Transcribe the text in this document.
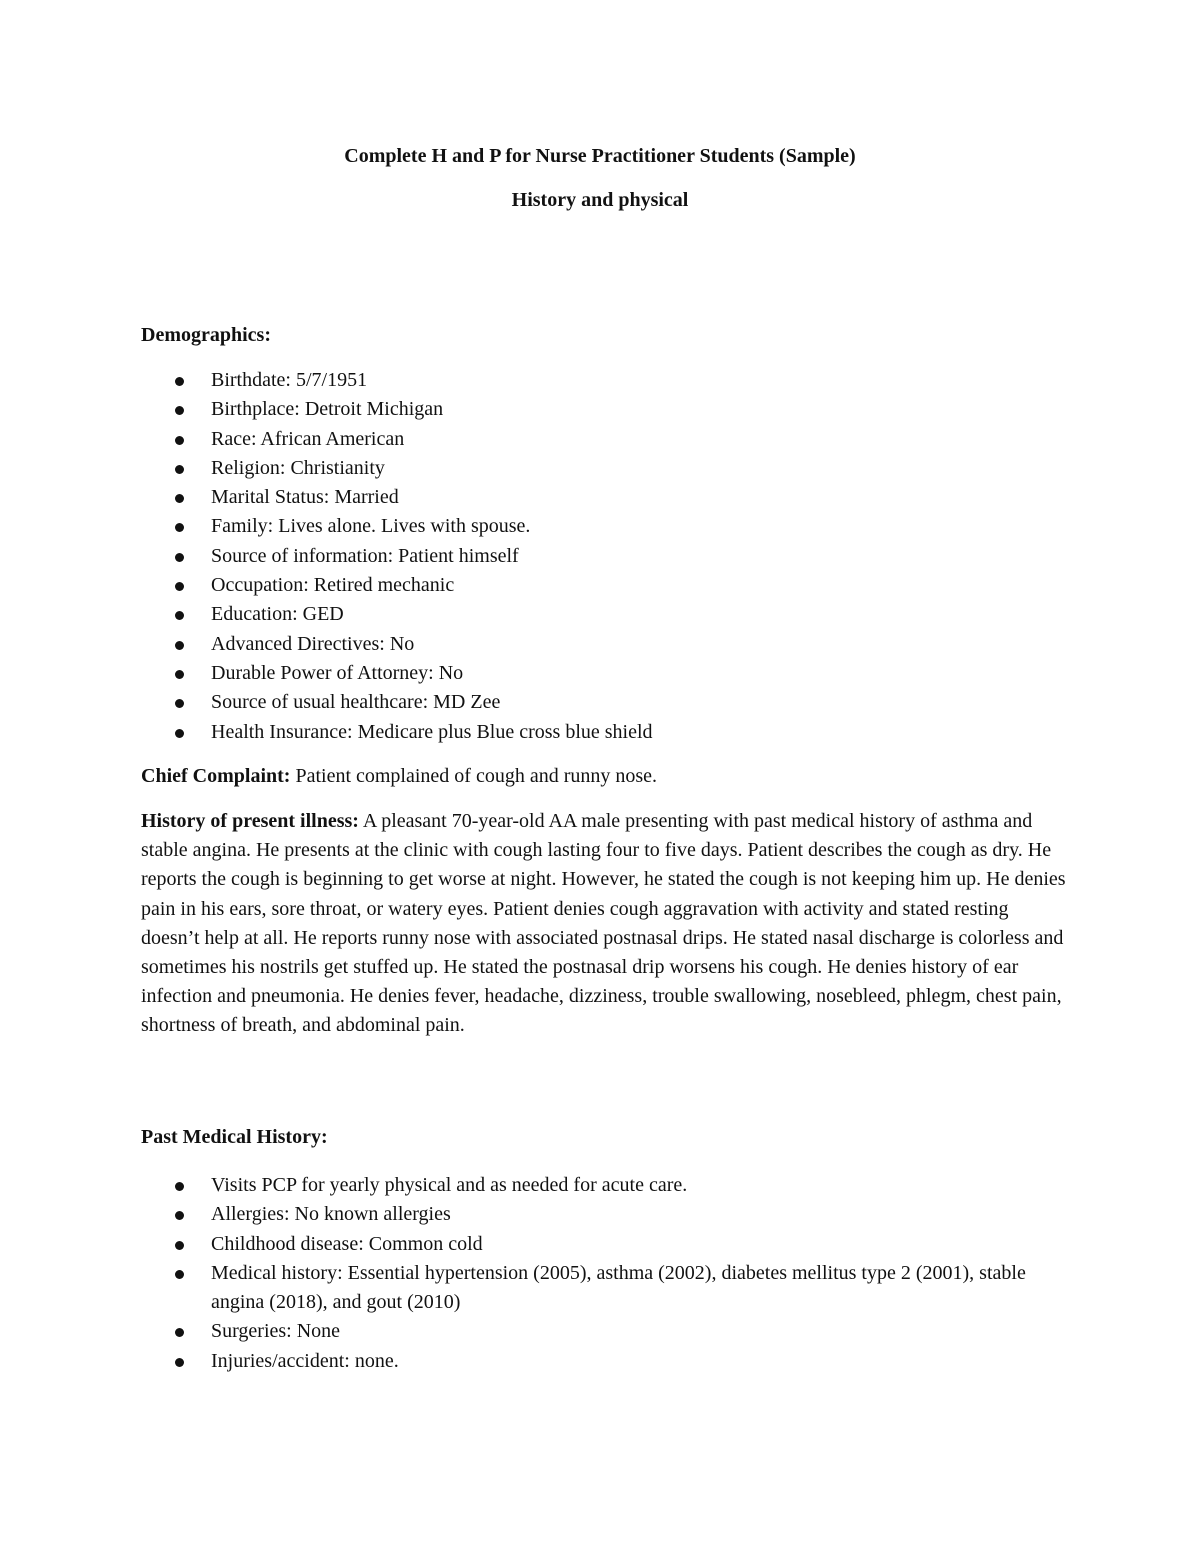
Complete H and P for Nurse Practitioner Students (Sample)
History and physical
Demographics:
Birthdate: 5/7/1951
Birthplace: Detroit Michigan
Race: African American
Religion: Christianity
Marital Status: Married
Family: Lives alone. Lives with spouse.
Source of information: Patient himself
Occupation: Retired mechanic
Education: GED
Advanced Directives: No
Durable Power of Attorney: No
Source of usual healthcare: MD Zee
Health Insurance: Medicare plus Blue cross blue shield
Chief Complaint: Patient complained of cough and runny nose.
History of present illness: A pleasant 70-year-old AA male presenting with past medical history of asthma and stable angina. He presents at the clinic with cough lasting four to five days. Patient describes the cough as dry. He reports the cough is beginning to get worse at night. However, he stated the cough is not keeping him up. He denies pain in his ears, sore throat, or watery eyes. Patient denies cough aggravation with activity and stated resting doesn’t help at all. He reports runny nose with associated postnasal drips. He stated nasal discharge is colorless and sometimes his nostrils get stuffed up. He stated the postnasal drip worsens his cough. He denies history of ear infection and pneumonia. He denies fever, headache, dizziness, trouble swallowing, nosebleed, phlegm, chest pain, shortness of breath, and abdominal pain.
Past Medical History:
Visits PCP for yearly physical and as needed for acute care.
Allergies: No known allergies
Childhood disease: Common cold
Medical history: Essential hypertension (2005), asthma (2002), diabetes mellitus type 2 (2001), stable angina (2018), and gout (2010)
Surgeries: None
Injuries/accident: none.
